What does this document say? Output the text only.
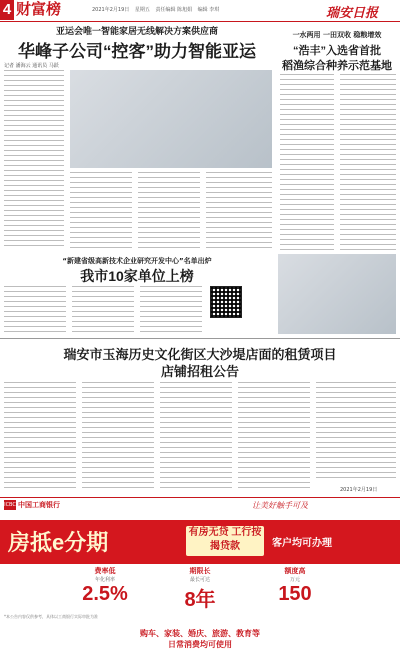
4 财富榜	2021年2月19日 星期五 责任编辑 陈旭娟 编辑 李琪	瑞安日报
亚运会唯一智能家居无线解决方案供应商
华峰子公司“控客”助力智能亚运
记者 潘海云 通讯员 马跃
一水两用 一田双收 稳粮增效
“浩丰”入选省首批
稻渔综合种养示范基地
“新建省级高新技术企业研究开发中心”名单出炉
我市10家单位上榜
瑞安市玉海历史文化街区大沙堤店面的租赁项目
店铺招租公告
2021年2月19日
ICBC 中国工商银行	让美好触手可及
房抵e分期	有房无贷 工行按揭贷款	客户均可办理
费率低
年化利率
2.5%
期限长
最长可达
8年
额度高
万元
150
*本公告内容仅供参考，具体以工商银行实际审批为准
购车、家装、婚庆、旅游、教育等
日常消费均可使用
